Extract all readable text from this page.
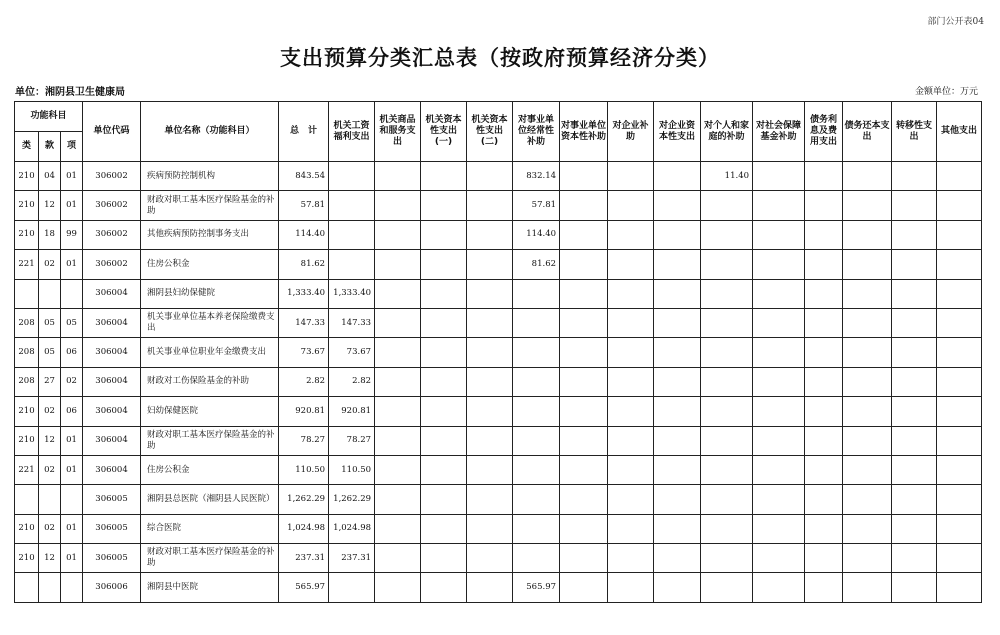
部门公开表04
支出预算分类汇总表（按政府预算经济分类）
单位：湘阴县卫生健康局	金额单位：万元
功能科目			单位代码	单位名称（功能科目）	总　计	机关工资福利支出	机关商品和服务支出	机关资本性支出(一)	机关资本性支出(二)	对事业单位经常性补助	对事业单位资本性补助	对企业补助	对企业资本性支出	对个人和家庭的补助	对社会保障基金补助	债务利息及费用支出	债务还本支出	转移性支出	其他支出
类	款	项																	
210	04	01	306002	疾病预防控制机构	843.54					832.14				11.40					
210	12	01	306002	财政对职工基本医疗保险基金的补助	57.81					57.81									
210	18	99	306002	其他疾病预防控制事务支出	114.40					114.40									
221	02	01	306002	住房公积金	81.62					81.62									
			306004	湘阴县妇幼保健院	1,333.40	1,333.40													
208	05	05	306004	机关事业单位基本养老保险缴费支出	147.33	147.33													
208	05	06	306004	机关事业单位职业年金缴费支出	73.67	73.67													
208	27	02	306004	财政对工伤保险基金的补助	2.82	2.82													
210	02	06	306004	妇幼保健医院	920.81	920.81													
210	12	01	306004	财政对职工基本医疗保险基金的补助	78.27	78.27													
221	02	01	306004	住房公积金	110.50	110.50													
			306005	湘阴县总医院（湘阴县人民医院）	1,262.29	1,262.29													
210	02	01	306005	综合医院	1,024.98	1,024.98													
210	12	01	306005	财政对职工基本医疗保险基金的补助	237.31	237.31													
			306006	湘阴县中医院	565.97					565.97									
